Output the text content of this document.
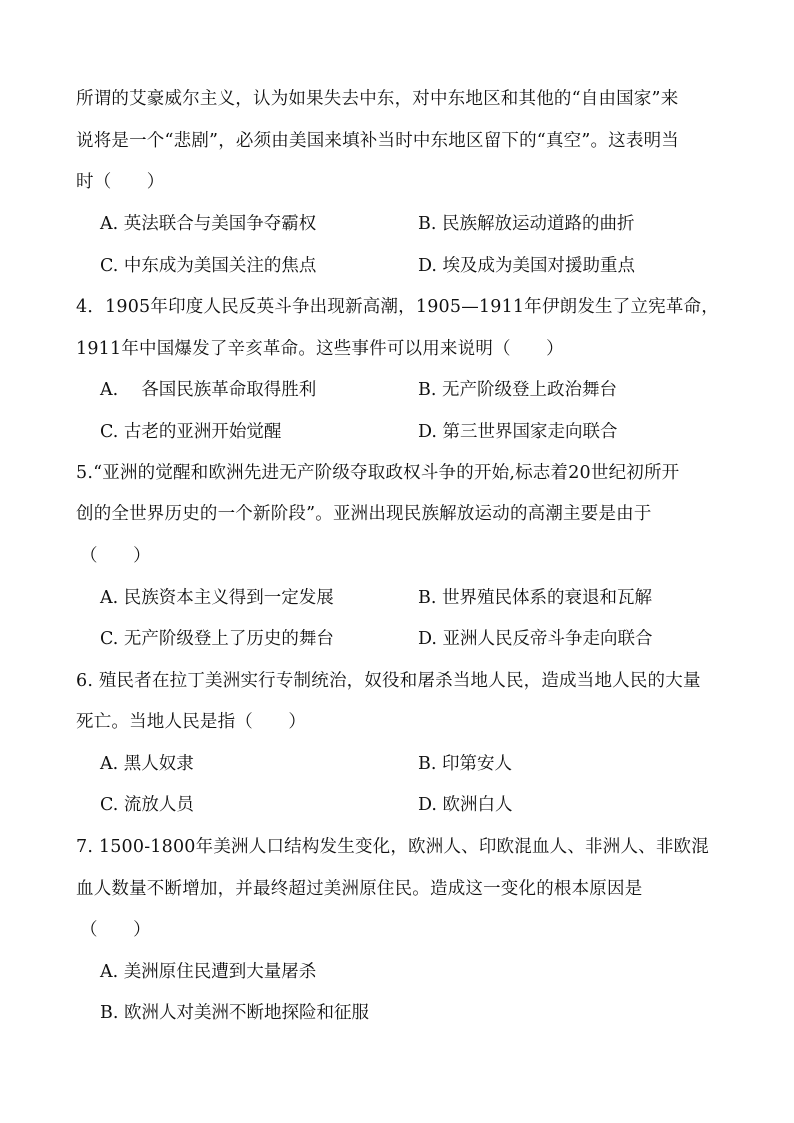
所谓的艾豪威尔主义，认为如果失去中东，对中东地区和其他的“自由国家”来
说将是一个“悲剧”，必须由美国来填补当时中东地区留下的“真空”。这表明当
时（　　）
A. 英法联合与美国争夺霸权	B. 民族解放运动道路的曲折
C. 中东成为美国关注的焦点	D. 埃及成为美国对援助重点
4．1905年印度人民反英斗争出现新高潮，1905—1911年伊朗发生了立宪革命，
1911年中国爆发了辛亥革命。这些事件可以用来说明（　　）
A.　 各国民族革命取得胜利	B. 无产阶级登上政治舞台
C. 古老的亚洲开始觉醒	D. 第三世界国家走向联合
5.“亚洲的觉醒和欧洲先进无产阶级夺取政权斗争的开始,标志着20世纪初所开
创的全世界历史的一个新阶段”。亚洲出现民族解放运动的高潮主要是由于
（　　）
A. 民族资本主义得到一定发展	B. 世界殖民体系的衰退和瓦解
C. 无产阶级登上了历史的舞台	D. 亚洲人民反帝斗争走向联合
6. 殖民者在拉丁美洲实行专制统治，奴役和屠杀当地人民，造成当地人民的大量
死亡。当地人民是指（　　）
A. 黑人奴隶	B. 印第安人
C. 流放人员	D. 欧洲白人
7. 1500-1800年美洲人口结构发生变化，欧洲人、印欧混血人、非洲人、非欧混
血人数量不断增加，并最终超过美洲原住民。造成这一变化的根本原因是
（　　）
A. 美洲原住民遭到大量屠杀
B. 欧洲人对美洲不断地探险和征服
